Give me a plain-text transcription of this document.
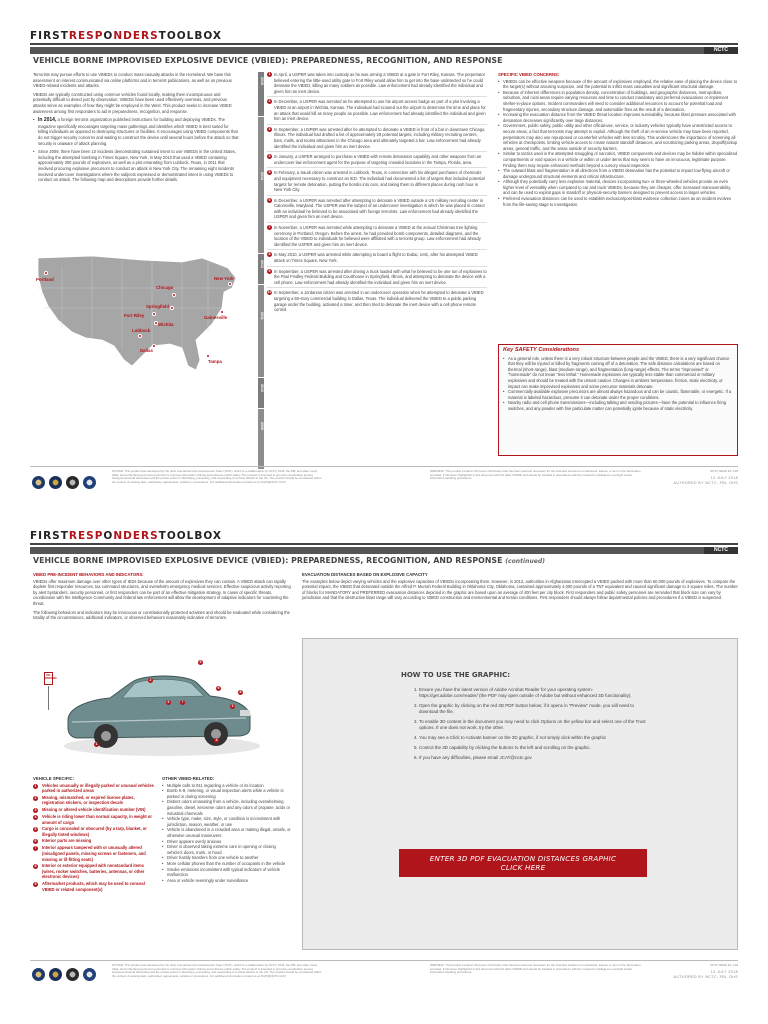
FIRSTRESPONDERSTOOLBOX
NCTC
VEHICLE BORNE IMPROVISED EXPLOSIVE DEVICE (VBIED): PREPAREDNESS, RECOGNITION, AND RESPONSE

Terrorists may pursue efforts to use VBIEDs to conduct mass-casualty attacks in the Homeland. We base this assessment on interest communicated via online platforms and in terrorist publications, as well as on previous VBIED-related incidents and attacks.

VBIEDs are typically constructed using common vehicles found locally, making them inconspicuous and potentially difficult to detect just by observation. VBIEDs have been used effectively overseas, and previous attacks serve as examples of how they might be employed in the West. This product seeks to increase VBIED awareness among first responders to aid in preparedness, recognition, and response.

• In 2014, a foreign terrorist organization published instructions for building and deploying VBIEDs. The magazine specifically encourages targeting mass gatherings and identifies which VBIED is best suited for killing individuals as opposed to destroying structures or facilities. It encourages using VBIED components that do not trigger security concerns and waiting to construct the device until several hours before the attack so that security is unaware of attack planning.
• Since 2009, there have been 10 incidents demonstrating sustained intent to use VBIEDs in the United States, including the attempted bombing in Times Square, New York, in May 2010 that used a VBIED containing approximately 300 pounds of explosives, as well as a plot emanating from Lubbock, Texas, in 2011 that involved procuring explosive precursors to conduct an attack in New York City. The remaining eight incidents involved undercover investigations where the subjects expressed or demonstrated intent in using VBIEDs to conduct an attack. The following map and descriptions provide further details.
Portland
Chicago
Springfield
New York
Fort Riley
Wichita
Gainesville
Lubbock
Dallas
Tampa
2015
2014
2013
2011
2010
2009
1 In April, a USPER was taken into custody as he was arming a VBIED at a gate in Fort Riley, Kansas. The perpetrator believed entering the little-used utility gate to Fort Riley would allow him to get into the base undetected so he could detonate the VBIED, killing as many soldiers as possible. Law enforcement had already identified the individual and given him an inert device.
2 In December, a USPER was arrested as he attempted to use his airport access badge as part of a plot involving a VBIED at an airport in Wichita, Kansas. The individual had scouted out the airport to determine the time and place for an attack that would kill as many people as possible. Law enforcement had already identified the individual and given him an inert device.
3 In September, a USPER was arrested after he attempted to detonate a VBIED in front of a bar in downtown Chicago, Illinois. The individual had drafted a list of approximately 28 potential targets, including military recruiting centers, bars, malls, and tourist attractions in the Chicago area and ultimately targeted a bar. Law enforcement had already identified the individual and given him an inert device.
4 In January, a USPER arranged to purchase a VBIED with remote detonation capability and other weapons from an undercover law enforcement agent for the purpose of targeting crowded locations in the Tampa, Florida, area.
5 In February, a Saudi citizen was arrested in Lubbock, Texas, in connection with his alleged purchases of chemicals and equipment necessary to construct an IED. The individual had documented a list of targets that included potential targets for remote detonation, putting the bombs into cars, and taking them to different places during rush hour in New York City.
6 In December, a USPER was arrested after attempting to detonate a VBIED outside a US military recruiting center in Catonsville, Maryland. The USPER was the subject of an undercover investigation in which he was placed in contact with an individual he believed to be associated with foreign terrorists. Law enforcement had already identified the USPER and given him an inert device.
7 In November, a USPER was arrested while attempting to detonate a VBIED at the annual Christmas tree lighting ceremony in Portland, Oregon. Before the arrest, he had provided bomb components, detailed diagrams, and the location of the VBIED to individuals he believed were affiliated with a terrorist group. Law enforcement had already identified the USPER and given him an inert device.
8 In May 2010, a USPER was arrested while attempting to board a flight to Dubai, UAE, after his attempted VBIED attack on Times Square, New York.
9 In September, a USPER was arrested after driving a truck loaded with what he believed to be one ton of explosives to the Paul Findley Federal Building and Courthouse in Springfield, Illinois, and attempting to detonate the device with a cell phone. Law enforcement had already identified the individual and given him an inert device.
10 In September, a Jordanian citizen was arrested in an undercover operation when he attempted to detonate a VBIED targeting a 60-story commercial building in Dallas, Texas. The individual delivered the VBIED to a public parking garage under the building, activated a timer, and then tried to detonate the inert device with a cell phone remote control.
SPECIFIC VBIED CONCERNS:
• VBIEDs can be effective weapons because of the amount of explosives employed, the relative ease of placing the device close to the target(s) without arousing suspicion, and the potential to inflict mass casualties and significant structural damage.
• Because of inherent differences in population density, concentration of buildings, and geographic distances, metropolitan, suburban, and rural areas require varying resources and time to conduct mandatory and preferred evacuations or implement shelter-in-place options. Incident commanders will need to consider additional resources to account for potential load and fragmentary injuries, secondary structure damage, and automobile fires as the result of a detonation.
• Increasing the evacuation distance from the VBIED threat location improves survivability, because blast pressure associated with detonation decreases significantly over large distances.
• Government, public safety, public utility and other official-use, service, or industry vehicles typically have unrestricted access to secure areas, a fact that terrorists may attempt to exploit. Although the theft of an in-service vehicle may have been reported, perpetrators may also use repurposed or counterfeit vehicles with less scrutiny. This underscores the importance of screening all vehicles at checkpoints, limiting vehicle access to create natural standoff distances, and scrutinizing parking areas, dropoff/pickup areas, general traffic, and the areas outside of security barriers.
• Similar to tactics used in the attempted smuggling of narcotics, VBIED components and devices may be hidden within specialized compartments or void spaces in a vehicle or within or under items that may seem to have an innocuous, legitimate purpose. Finding them may require enhanced methods beyond a cursory visual inspection.
• The outward blast and fragmentation in all directions from a VBIED detonation has the potential to impact low-flying aircraft or damage underground structural elements and critical infrastructure.
• Although they potentially carry less explosive material, devices incorporating two- or three-wheeled vehicles provide an even higher level of versatility when compared to car and truck VBIEDs, because they are cheaper, offer increased maneuverability, and can be used to exploit gaps in standoff or physical-security barriers designed to prevent access to larger vehicles.
• Preferred evacuation distances can be used to establish exclusion/post-blast evidence collection zones as an incident evolves from the life-saving stage to investigation.
Key SAFETY Considerations
• As a general rule, unless there is a very robust structure between people and the VBIED, there is a very significant chance that they will be injured or killed by fragments coming off of a detonation. The safe distance calculations are based on thermal (short-range), blast (medium-range), and fragmentation (long-range) effects. The terms "improvised" or "homemade" do not mean "less lethal." Homemade explosives are typically less stable than commercial or military explosives and should be treated with the utmost caution. Changes in ambient temperature, friction, static electricity, or impact can make improvised explosives and some precursor materials detonate.
• Commercially available explosive precursors are almost always hazardous and can be caustic, flammable, or energetic. If a material is labeled hazardous, presume it can detonate under the proper conditions.
• Nearby radio and cell phone transmissions—including talking and sending pictures—have the potential to influence firing switches, and any powder with fine particulate matter can potentially ignite because of static electricity.
NOTICE: This product was developed by the Joint Counterterrorism Assessment Team (JCAT), which is a collaboration by NCTC, DHS, the FBI, and state, local, tribal, and territorial government personnel to improve information sharing and enhance public safety. The product is intended to promote coordination among intergovernmental authorities and the private sector in identifying, preventing, and responding to terrorist attacks in the US. The product should be considered within the context of existing laws, authorities, agreements, policies or procedures. For additional information contact us at JCAT@NCTC.GOV.
WARNING: This product contains US person information that has been deemed necessary for the intended recipient to understand, assess, or act on the information provided. It has been highlighted in this document with the label USPER and should be handled in accordance with the recipient's intelligence oversight and/or information handling procedures.
NCTC 00042 FF 1-18
13 JULY 2018
AUTHORED BY NCTC, FBI, DHS
FIRSTRESPONDERSTOOLBOX
NCTC
VEHICLE BORNE IMPROVISED EXPLOSIVE DEVICE (VBIED): PREPAREDNESS, RECOGNITION, AND RESPONSE (continued)
VBIED PRE-INCIDENT BEHAVIORS AND INDICATORS:

VBIEDs offer maximum damage over other types of IEDs because of the amount of explosives they can contain. A VBIED attack can rapidly deplete first responder resources, tax command structures, and overwhelm emergency medical services. Effective suspicious activity reporting by alert bystanders, security personnel, or first responders can be part of an effective mitigation strategy. In cases of specific threats, coordination with the Intelligence Community and federal law enforcement will allow the development of adaptive indicators for countering the threat.

The following behaviors and indicators may be innocuous or constitutionally protected activities and should be evaluated while considering the totality of the circumstances, additional indicators, or observed behaviors reasonably indicative of terrorism.

NO PARKING
1
2
3
4
5
6	7
8
9
VEHICLE SPECIFIC:
1	Vehicles unusually or illegally parked or unusual vehicles parked in authorized areas
2	Missing, mismatched, or expired license plates, registration stickers, or inspection decals
3	Missing or altered vehicle identification number (VIN)
4	Vehicle is riding lower than normal capacity, in weight or amount of cargo
5	Cargo is concealed or obscured (by a tarp, blanket, or illegally tinted windows)
6	Interior parts are missing
7	Interior appears tampered with or unusually altered (misaligned panels, missing screws or fasteners, and missing or ill-fitting seats)
8	Interior or exterior equipped with nonstandard items (wires, rocker switches, batteries, antennas, or other electronic devices)
9	Aftermarket products, which may be used to conceal VBIED or related component(s)
OTHER VBIED-RELATED:
• Multiple calls to 911 regarding a vehicle or its location
• Bomb K-9, metering, or visual inspection alerts while a vehicle is parked or during screening
• Distinct odors emanating from a vehicle, including overwhelming gasoline, diesel, kerosene odors and any odors of propane, acids or industrial chemicals
• Vehicle type, make, size, style, or condition is inconsistent with jurisdiction, season, weather, or use
• Vehicle is abandoned in a crowded area or making illegal, unsafe, or otherwise unusual maneuvers
• Driver appears overly anxious
• Driver is observed taking extreme care in opening or closing vehicle's doors, trunk, or hood
• Driver hastily transfers from one vehicle to another
• More cellular phones than the number of occupants in the vehicle
• Smoke emissions inconsistent with typical indicators of vehicle malfunction
• Area or vehicle seemingly under surveillance
EVACUATION DISTANCES BASED ON EXPLOSIVE CAPACITY

The examples below depict varying vehicles and the explosive capacities of VBIEDs incorporating them. However, in 2013, authorities in Afghanistan intercepted a VBIED packed with more than 60,000 pounds of explosives. To compare the potential impact, the VBIED that detonated outside the Alfred P. Murrah Federal Building in Oklahoma City, Oklahoma, contained approximately 4,000 pounds of a TNT equivalent and caused significant damage to 3 square miles. The number of blocks for MANDATORY and PREFERRED evacuation distances depicted in the graphic are based upon an average of 400 feet per city block. First responders and public safety personnel are reminded that block size can vary by jurisdiction and that the destructive blast range will vary according to VBIED construction and environmental and terrain conditions. First responders should always follow departmental policies and procedures if a VBIED is suspected.

HOW TO USE THE GRAPHIC:
1. Ensure you have the latest version of Adobe Acrobat Reader for your operating system- https://get.adobe.com/reader/ (the PDF may open outside of Adobe but without enhanced 3D functionality).
2. Open the graphic by clicking on the red 3D PDF button below; if it opens in "Preview" mode, you will need to download the file.
3. To enable 3D content in the document you may need to click Options on the yellow bar and select one of the Trust options. If one does not work, try the other.
4. You may see a Click to Activate banner on the 3D graphic, if not simply click within the graphic
5. Control the 3D capability by clicking the buttons to the left and scrolling on the graphic.
6. If you have any difficulties, please email JCAT@nctc.gov
ENTER 3D PDF EVACUATION DISTANCES GRAPHIC
CLICK HERE
NOTICE: This product was developed by the Joint Counterterrorism Assessment Team (JCAT), which is a collaboration by NCTC, DHS, the FBI, and state, local, tribal, and territorial government personnel to improve information sharing and enhance public safety. The product is intended to promote coordination among intergovernmental authorities and the private sector in identifying, preventing, and responding to terrorist attacks in the US. The product should be considered within the context of existing laws, authorities, agreements, policies or procedures. For additional information contact us at JCAT@NCTC.GOV.
WARNING: This product contains US person information that has been deemed necessary for the intended recipient to understand, assess, or act on the information provided. It has been highlighted in this document with the label USPER and should be handled in accordance with the recipient's intelligence oversight and/or information handling procedures.
NCTC 00042 FF 1-18
13 JULY 2018
AUTHORED BY NCTC, FBI, DHS
